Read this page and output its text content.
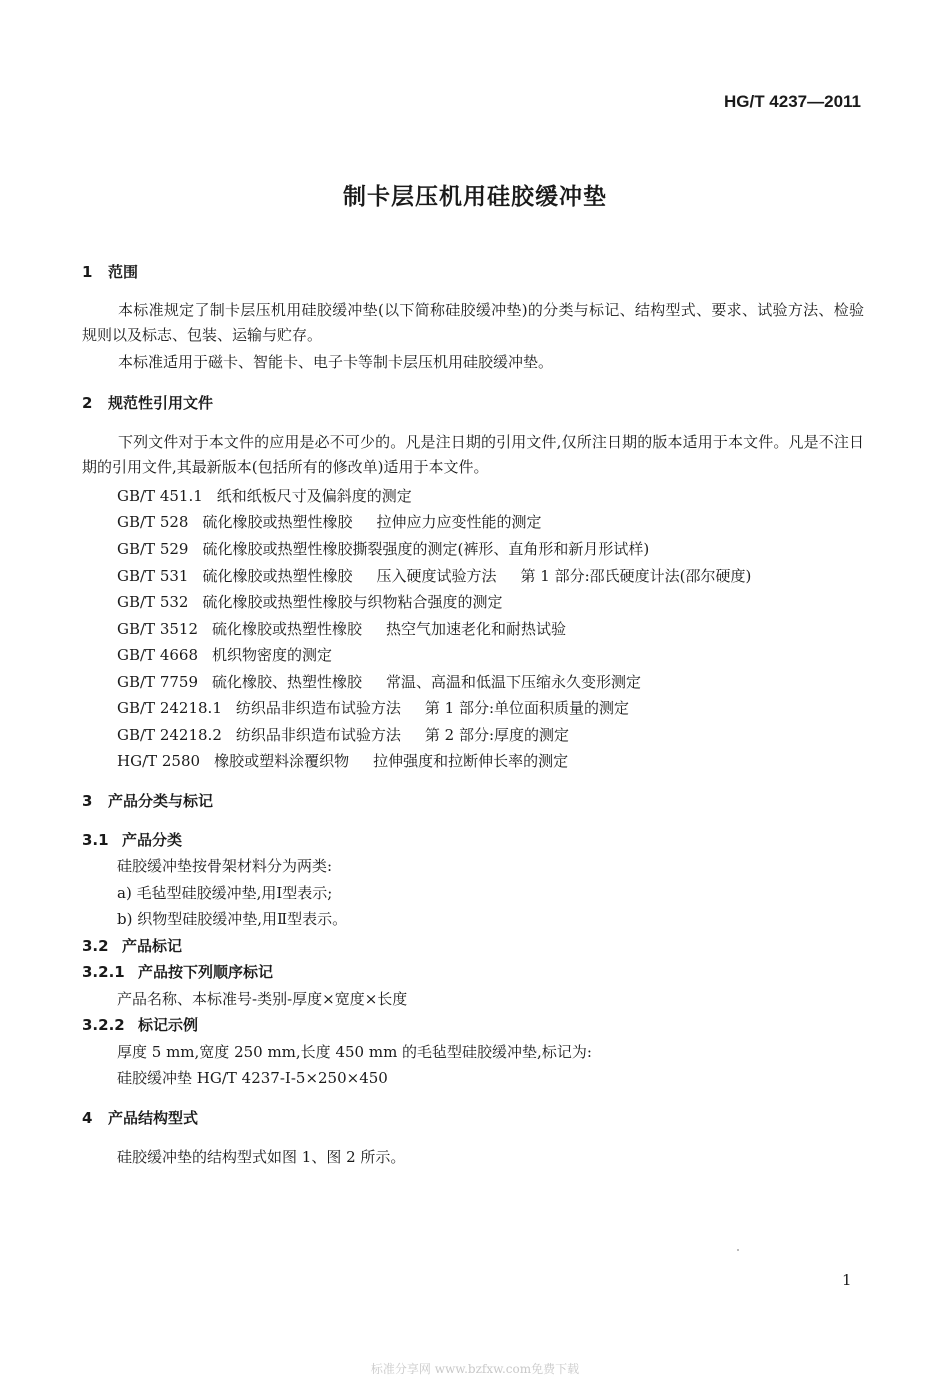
HG/T 4237—2011
制卡层压机用硅胶缓冲垫
1 范围
本标准规定了制卡层压机用硅胶缓冲垫(以下简称硅胶缓冲垫)的分类与标记、结构型式、要求、试验方法、检验规则以及标志、包装、运输与贮存。
本标准适用于磁卡、智能卡、电子卡等制卡层压机用硅胶缓冲垫。
2 规范性引用文件
下列文件对于本文件的应用是必不可少的。凡是注日期的引用文件,仅所注日期的版本适用于本文件。凡是不注日期的引用文件,其最新版本(包括所有的修改单)适用于本文件。
GB/T 451.1 纸和纸板尺寸及偏斜度的测定
GB/T 528 硫化橡胶或热塑性橡胶 拉伸应力应变性能的测定
GB/T 529 硫化橡胶或热塑性橡胶撕裂强度的测定(裤形、直角形和新月形试样)
GB/T 531 硫化橡胶或热塑性橡胶 压入硬度试验方法 第 1 部分:邵氏硬度计法(邵尔硬度)
GB/T 532 硫化橡胶或热塑性橡胶与织物粘合强度的测定
GB/T 3512 硫化橡胶或热塑性橡胶 热空气加速老化和耐热试验
GB/T 4668 机织物密度的测定
GB/T 7759 硫化橡胶、热塑性橡胶 常温、高温和低温下压缩永久变形测定
GB/T 24218.1 纺织品非织造布试验方法 第 1 部分:单位面积质量的测定
GB/T 24218.2 纺织品非织造布试验方法 第 2 部分:厚度的测定
HG/T 2580 橡胶或塑料涂覆织物 拉伸强度和拉断伸长率的测定
3 产品分类与标记
3.1 产品分类
硅胶缓冲垫按骨架材料分为两类:
a) 毛毡型硅胶缓冲垫,用Ⅰ型表示;
b) 织物型硅胶缓冲垫,用Ⅱ型表示。
3.2 产品标记
3.2.1 产品按下列顺序标记
产品名称、本标准号-类别-厚度×宽度×长度
3.2.2 标记示例
厚度 5 mm,宽度 250 mm,长度 450 mm 的毛毡型硅胶缓冲垫,标记为:
硅胶缓冲垫 HG/T 4237-Ⅰ-5×250×450
4 产品结构型式
硅胶缓冲垫的结构型式如图 1、图 2 所示。
1
标准分享网 www.bzfxw.com免费下载
